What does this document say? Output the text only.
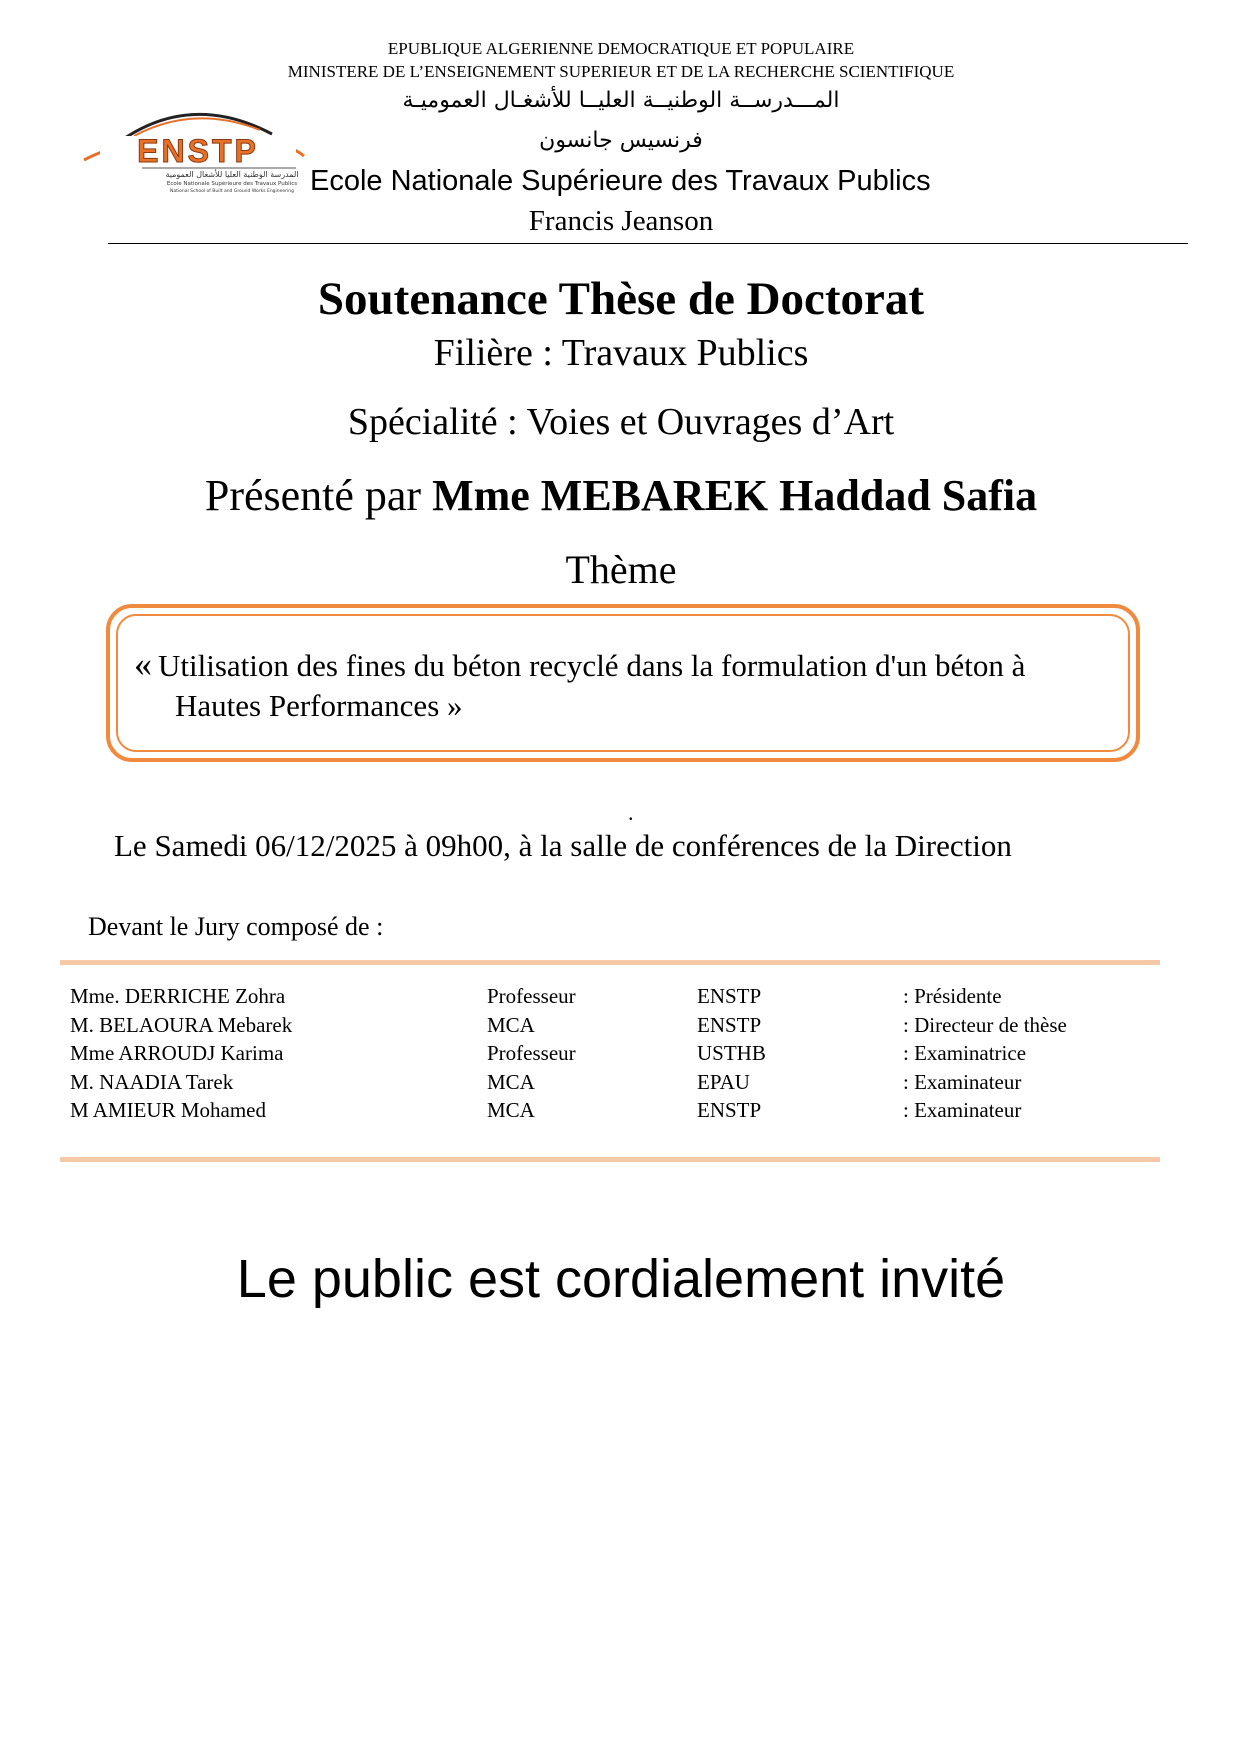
EPUBLIQUE ALGERIENNE DEMOCRATIQUE ET POPULAIRE
MINISTERE DE L’ENSEIGNEMENT SUPERIEUR ET DE LA RECHERCHE SCIENTIFIQUE
المـــدرســة الوطنيــة العليــا للأشغـال العموميـة
فرنسيس جانسون
Ecole Nationale Supérieure des Travaux Publics
Francis Jeanson
ENSTP
المدرسة الوطنية العليا للأشغال العمومية
Ecole Nationale Supérieure des Travaux Publics
National School of Built and Ground Works Engineering
Soutenance Thèse de Doctorat
Filière : Travaux Publics
Spécialité : Voies et Ouvrages d’Art
Présenté par Mme MEBAREK Haddad Safia
Thème
« Utilisation des fines du béton recyclé dans la formulation d'un béton à
Hautes Performances »
.
Le Samedi 06/12/2025 à 09h00, à la salle de conférences de la Direction
Devant le Jury composé de :
Mme. DERRICHE Zohra	Professeur	ENSTP	: Présidente
M. BELAOURA Mebarek	MCA	ENSTP	: Directeur de thèse
Mme ARROUDJ Karima	Professeur	USTHB	: Examinatrice
M. NAADIA Tarek	MCA	EPAU	: Examinateur
M AMIEUR Mohamed	MCA	ENSTP	: Examinateur
Le public est cordialement invité
